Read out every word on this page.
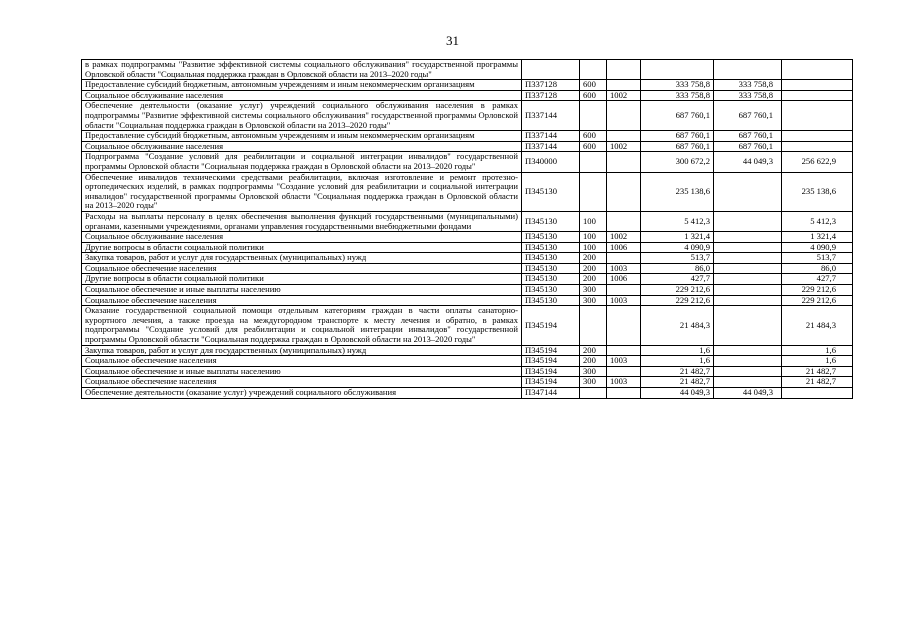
31
в рамках подпрограммы "Развитие эффективной системы социального обслуживания" государственной программы Орловской области "Социальная поддержка граждан в Орловской области на 2013–2020 годы"						
Предоставление субсидий бюджетным, автономным учреждениям и иным некоммерческим организациям	П337128	600		333 758,8	333 758,8	
Социальное обслуживание населения	П337128	600	1002	333 758,8	333 758,8	
Обеспечение деятельности (оказание услуг) учреждений социального обслуживания населения в рамках подпрограммы "Развитие эффективной системы социального обслуживания" государственной программы Орловской области "Социальная поддержка граждан в Орловской области на 2013–2020 годы"	П337144			687 760,1	687 760,1	
Предоставление субсидий бюджетным, автономным учреждениям и иным некоммерческим организациям	П337144	600		687 760,1	687 760,1	
Социальное обслуживание населения	П337144	600	1002	687 760,1	687 760,1	
Подпрограмма "Создание условий для реабилитации и социальной интеграции инвалидов" государственной программы Орловской области "Социальная поддержка граждан в Орловской области на 2013–2020 годы"	П340000			300 672,2	44 049,3	256 622,9
Обеспечение инвалидов техническими средствами реабилитации, включая изготовление и ремонт протезно-ортопедических изделий, в рамках подпрограммы "Создание условий для реабилитации и социальной интеграции инвалидов" государственной программы Орловской области "Социальная поддержка граждан в Орловской области на 2013–2020 годы"	П345130			235 138,6		235 138,6
Расходы на выплаты персоналу в целях обеспечения выполнения функций государственными (муниципальными) органами, казенными учреждениями, органами управления государственными внебюджетными фондами	П345130	100		5 412,3		5 412,3
Социальное обслуживание населения	П345130	100	1002	1 321,4		1 321,4
Другие вопросы в области социальной политики	П345130	100	1006	4 090,9		4 090,9
Закупка товаров, работ и услуг для государственных (муниципальных) нужд	П345130	200		513,7		513,7
Социальное обеспечение населения	П345130	200	1003	86,0		86,0
Другие вопросы в области социальной политики	П345130	200	1006	427,7		427,7
Социальное обеспечение и иные выплаты населению	П345130	300		229 212,6		229 212,6
Социальное обеспечение населения	П345130	300	1003	229 212,6		229 212,6
Оказание государственной социальной помощи отдельным категориям граждан в части оплаты санаторно-курортного лечения, а также проезда на междугородном транспорте к месту лечения и обратно, в рамках подпрограммы "Создание условий для реабилитации и социальной интеграции инвалидов" государственной программы Орловской области "Социальная поддержка граждан в Орловской области на 2013–2020 годы"	П345194			21 484,3		21 484,3
Закупка товаров, работ и услуг для государственных (муниципальных) нужд	П345194	200		1,6		1,6
Социальное обеспечение населения	П345194	200	1003	1,6		1,6
Социальное обеспечение и иные выплаты населению	П345194	300		21 482,7		21 482,7
Социальное обеспечение населения	П345194	300	1003	21 482,7		21 482,7
Обеспечение деятельности (оказание услуг) учреждений социального обслуживания	П347144			44 049,3	44 049,3	
